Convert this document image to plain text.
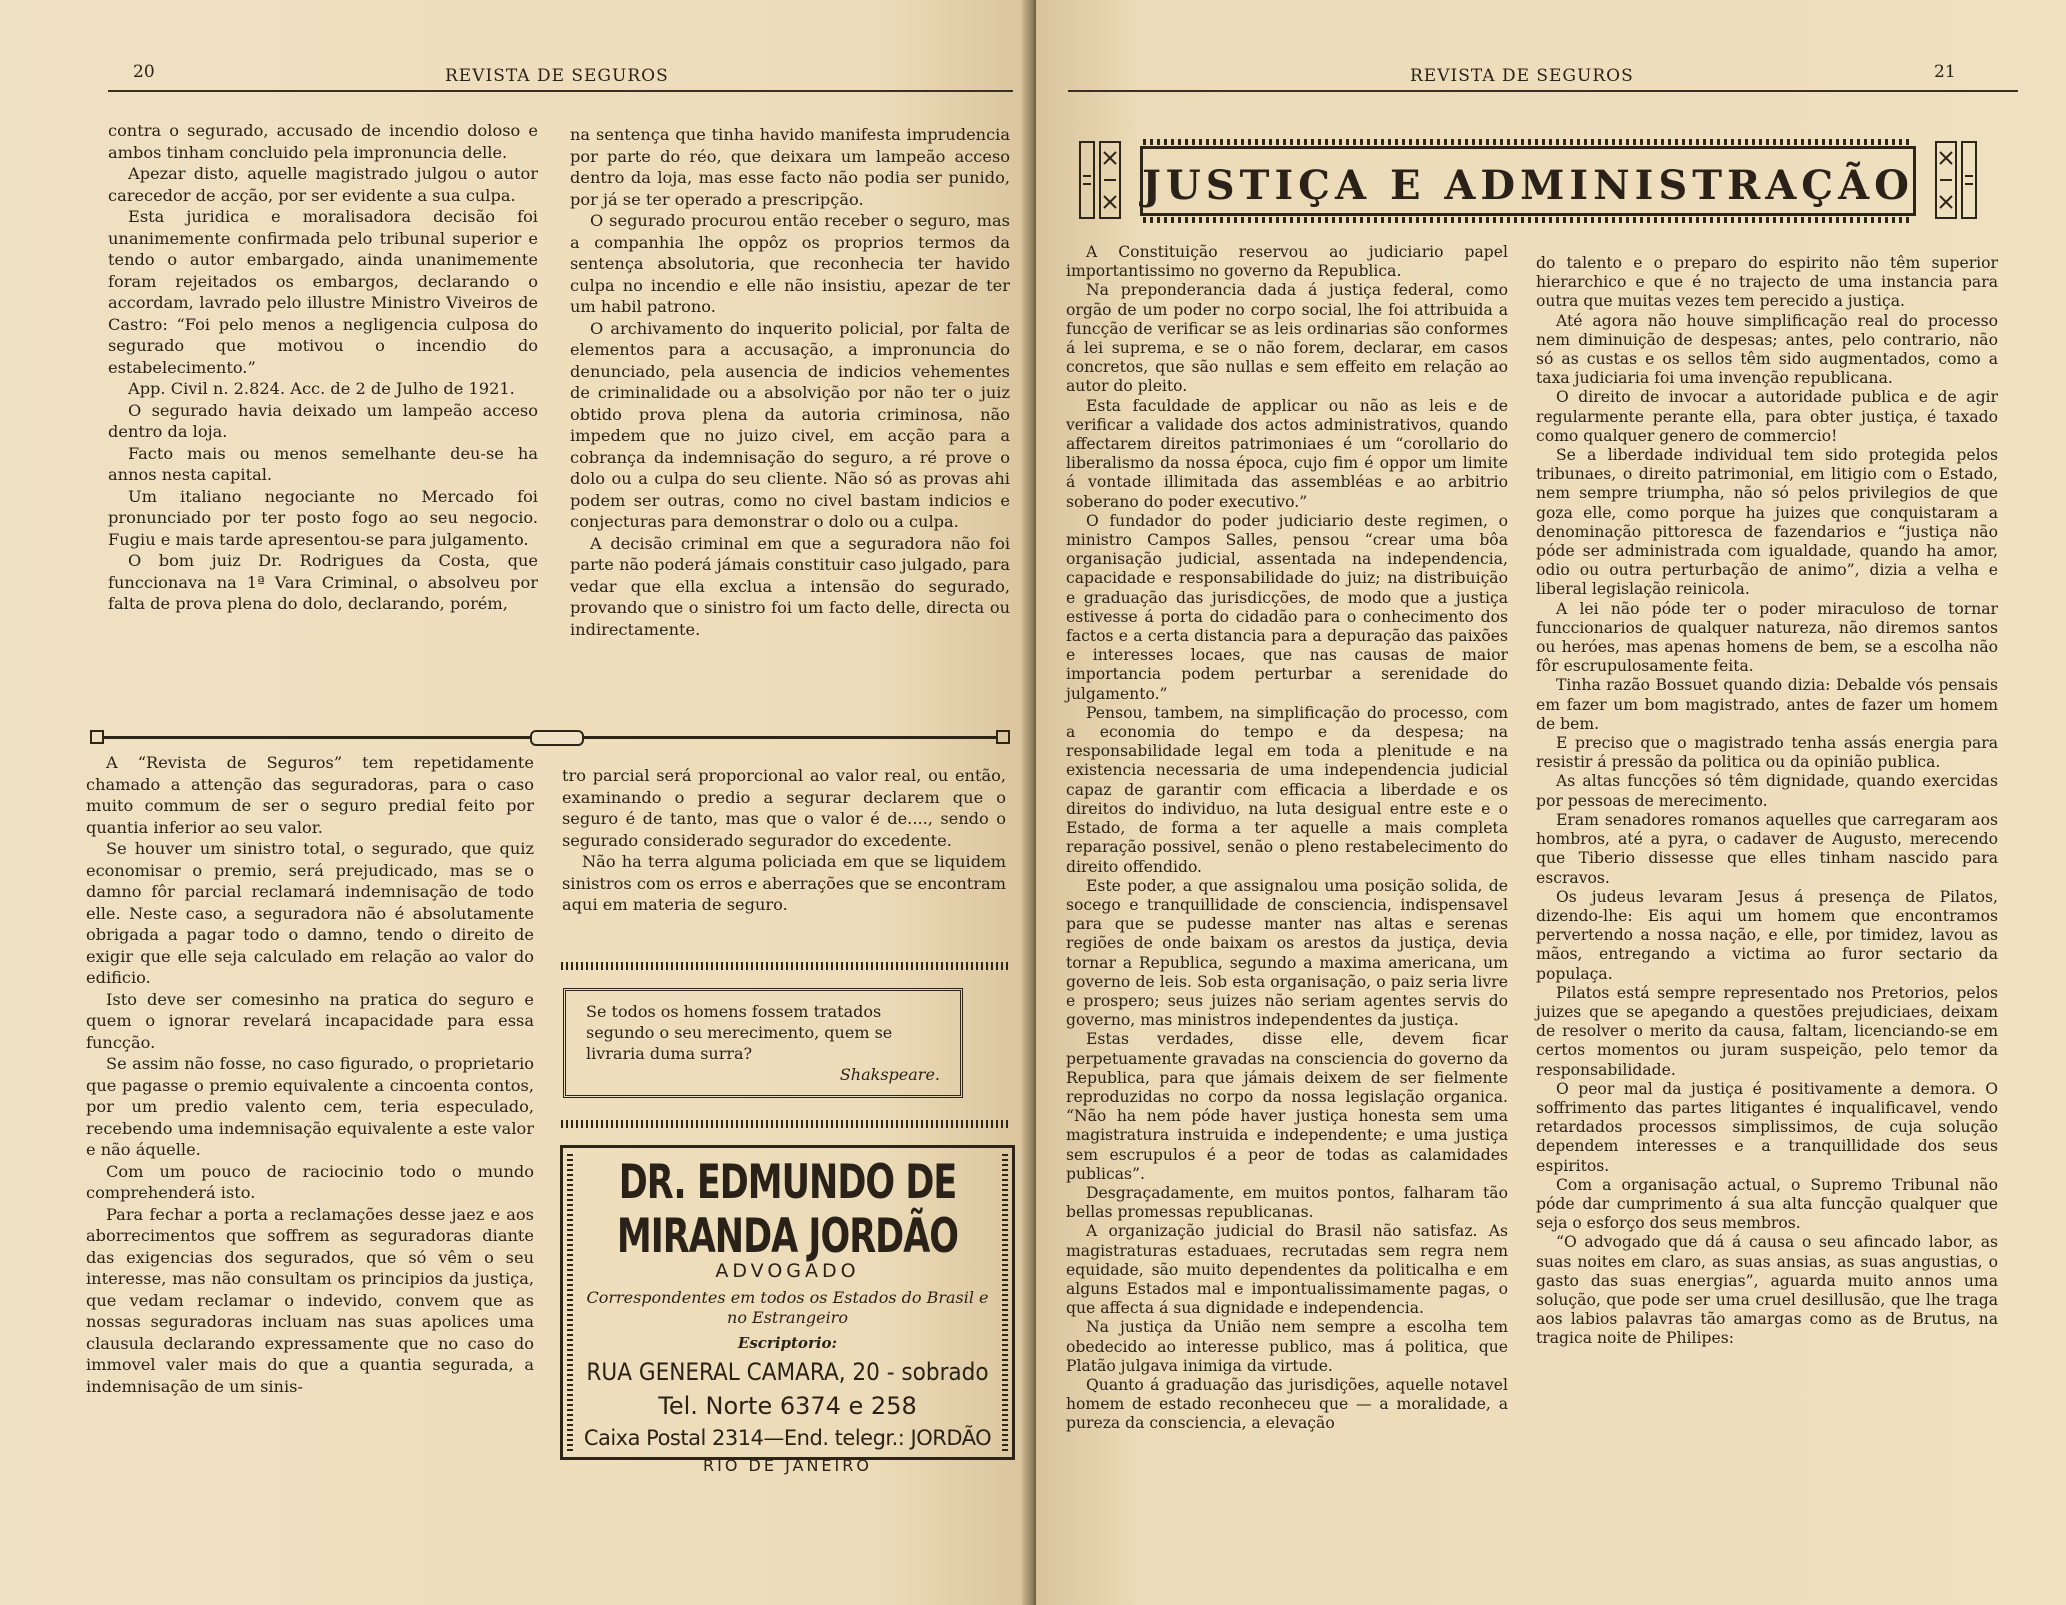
20	REVISTA DE SEGUROS

contra o segurado, accusado de incendio doloso e ambos tinham concluido pela impronuncia delle.

Apezar disto, aquelle magistrado julgou o autor carecedor de acção, por ser evidente a sua culpa.

Esta juridica e moralisadora decisão foi unanimemente confirmada pelo tribunal superior e tendo o autor embargado, ainda unanimemente foram rejeitados os embargos, declarando o accordam, lavrado pelo illustre Ministro Viveiros de Castro: “Foi pelo menos a negligencia culposa do segurado que motivou o incendio do estabelecimento.”

App. Civil n. 2.824. Acc. de 2 de Julho de 1921.

O segurado havia deixado um lampeão acceso dentro da loja.

Facto mais ou menos semelhante deu-se ha annos nesta capital.

Um italiano negociante no Mercado foi pronunciado por ter posto fogo ao seu negocio. Fugiu e mais tarde apresentou-se para julgamento.

O bom juiz Dr. Rodrigues da Costa, que funccionava na 1ª Vara Criminal, o absolveu por falta de prova plena do dolo, declarando, porém,

na sentença que tinha havido manifesta imprudencia por parte do réo, que deixara um lampeão acceso dentro da loja, mas esse facto não podia ser punido, por já se ter operado a prescripção.

O segurado procurou então receber o seguro, mas a companhia lhe oppôz os proprios termos da sentença absolutoria, que reconhecia ter havido culpa no incendio e elle não insistiu, apezar de ter um habil patrono.

O archivamento do inquerito policial, por falta de elementos para a accusação, a impronuncia do denunciado, pela ausencia de indicios vehementes de criminalidade ou a absolvição por não ter o juiz obtido prova plena da autoria criminosa, não impedem que no juizo civel, em acção para a cobrança da indemnisação do seguro, a ré prove o dolo ou a culpa do seu cliente. Não só as provas ahi podem ser outras, como no civel bastam indicios e conjecturas para demonstrar o dolo ou a culpa.

A decisão criminal em que a seguradora não foi parte não poderá jámais constituir caso julgado, para vedar que ella exclua a intensão do segurado, provando que o sinistro foi um facto delle, directa ou indirectamente.

A “Revista de Seguros” tem repetidamente chamado a attenção das seguradoras, para o caso muito commum de ser o seguro predial feito por quantia inferior ao seu valor.

Se houver um sinistro total, o segurado, que quiz economisar o premio, será prejudicado, mas se o damno fôr parcial reclamará indemnisação de todo elle. Neste caso, a seguradora não é absolutamente obrigada a pagar todo o damno, tendo o direito de exigir que elle seja calculado em relação ao valor do edificio.

Isto deve ser comesinho na pratica do seguro e quem o ignorar revelará incapacidade para essa funcção.

Se assim não fosse, no caso figurado, o proprietario que pagasse o premio equivalente a cincoenta contos, por um predio valento cem, teria especulado, recebendo uma indemnisação equivalente a este valor e não áquelle.

Com um pouco de raciocinio todo o mundo comprehenderá isto.

Para fechar a porta a reclamações desse jaez e aos aborrecimentos que soffrem as seguradoras diante das exigencias dos segurados, que só vêm o seu interesse, mas não consultam os principios da justiça, que vedam reclamar o indevido, convem que as nossas seguradoras incluam nas suas apolices uma clausula declarando expressamente que no caso do immovel valer mais do que a quantia segurada, a indemnisação de um sinis-

tro parcial será proporcional ao valor real, ou então, examinando o predio a segurar declarem que o seguro é de tanto, mas que o valor é de...., sendo o segurado considerado segurador do excedente.

Não ha terra alguma policiada em que se liquidem sinistros com os erros e aberrações que se encontram aqui em materia de seguro.

Se todos os homens fossem tratados segundo o seu merecimento, quem se livraria duma surra?
Shakspeare.
DR. EDMUNDO DE MIRANDA JORDÃO
ADVOGADO
Correspondentes em todos os Estados do Brasil e no Estrangeiro
Escriptorio:
RUA GENERAL CAMARA, 20 - sobrado
Tel. Norte 6374 e 258
Caixa Postal 2314—End. telegr.: JORDÃO
RIO DE JANEIRO
REVISTA DE SEGUROS	21
JUSTIÇA E ADMINISTRAÇÃO

A Constituição reservou ao judiciario papel importantissimo no governo da Republica.

Na preponderancia dada á justiça federal, como orgão de um poder no corpo social, lhe foi attribuida a funcção de verificar se as leis ordinarias são conformes á lei suprema, e se o não forem, declarar, em casos concretos, que são nullas e sem effeito em relação ao autor do pleito.

Esta faculdade de applicar ou não as leis e de verificar a validade dos actos administrativos, quando affectarem direitos patrimoniaes é um “corollario do liberalismo da nossa época, cujo fim é oppor um limite á vontade illimitada das assembléas e ao arbitrio soberano do poder executivo.”

O fundador do poder judiciario deste regimen, o ministro Campos Salles, pensou “crear uma bôa organisação judicial, assentada na independencia, capacidade e responsabilidade do juiz; na distribuição e graduação das jurisdicções, de modo que a justiça estivesse á porta do cidadão para o conhecimento dos factos e a certa distancia para a depuração das paixões e interesses locaes, que nas causas de maior importancia podem perturbar a serenidade do julgamento.”

Pensou, tambem, na simplificação do processo, com a economia do tempo e da despesa; na responsabilidade legal em toda a plenitude e na existencia necessaria de uma independencia judicial capaz de garantir com efficacia a liberdade e os direitos do individuo, na luta desigual entre este e o Estado, de forma a ter aquelle a mais completa reparação possivel, senão o pleno restabelecimento do direito offendido.

Este poder, a que assignalou uma posição solida, de socego e tranquillidade de consciencia, indispensavel para que se pudesse manter nas altas e serenas regiões de onde baixam os arestos da justiça, devia tornar a Republica, segundo a maxima americana, um governo de leis. Sob esta organisação, o paiz seria livre e prospero; seus juizes não seriam agentes servis do governo, mas ministros independentes da justiça.

Estas verdades, disse elle, devem ficar perpetuamente gravadas na consciencia do governo da Republica, para que jámais deixem de ser fielmente reproduzidas no corpo da nossa legislação organica. “Não ha nem póde haver justiça honesta sem uma magistratura instruida e independente; e uma justiça sem escrupulos é a peor de todas as calamidades publicas”.

Desgraçadamente, em muitos pontos, falharam tão bellas promessas republicanas.

A organização judicial do Brasil não satisfaz. As magistraturas estaduaes, recrutadas sem regra nem equidade, são muito dependentes da politicalha e em alguns Estados mal e impontualissimamente pagas, o que affecta á sua dignidade e independencia.

Na justiça da União nem sempre a escolha tem obedecido ao interesse publico, mas á politica, que Platão julgava inimiga da virtude.

Quanto á graduação das jurisdições, aquelle notavel homem de estado reconheceu que — a moralidade, a pureza da consciencia, a elevação

do talento e o preparo do espirito não têm superior hierarchico e que é no trajecto de uma instancia para outra que muitas vezes tem perecido a justiça.

Até agora não houve simplificação real do processo nem diminuição de despesas; antes, pelo contrario, não só as custas e os sellos têm sido augmentados, como a taxa judiciaria foi uma invenção republicana.

O direito de invocar a autoridade publica e de agir regularmente perante ella, para obter justiça, é taxado como qualquer genero de commercio!

Se a liberdade individual tem sido protegida pelos tribunaes, o direito patrimonial, em litigio com o Estado, nem sempre triumpha, não só pelos privilegios de que goza elle, como porque ha juizes que conquistaram a denominação pittoresca de fazendarios e “justiça não póde ser administrada com igualdade, quando ha amor, odio ou outra perturbação de animo”, dizia a velha e liberal legislação reinicola.

A lei não póde ter o poder miraculoso de tornar funccionarios de qualquer natureza, não diremos santos ou heróes, mas apenas homens de bem, se a escolha não fôr escrupulosamente feita.

Tinha razão Bossuet quando dizia: Debalde vós pensais em fazer um bom magistrado, antes de fazer um homem de bem.

E preciso que o magistrado tenha assás energia para resistir á pressão da politica ou da opinião publica.

As altas funcções só têm dignidade, quando exercidas por pessoas de merecimento.

Eram senadores romanos aquelles que carregaram aos hombros, até a pyra, o cadaver de Augusto, merecendo que Tiberio dissesse que elles tinham nascido para escravos.

Os judeus levaram Jesus á presença de Pilatos, dizendo-lhe: Eis aqui um homem que encontramos pervertendo a nossa nação, e elle, por timidez, lavou as mãos, entregando a victima ao furor sectario da populaça.

Pilatos está sempre representado nos Pretorios, pelos juizes que se apegando a questões prejudiciaes, deixam de resolver o merito da causa, faltam, licenciando-se em certos momentos ou juram suspeição, pelo temor da responsabilidade.

O peor mal da justiça é positivamente a demora. O soffrimento das partes litigantes é inqualificavel, vendo retardados processos simplissimos, de cuja solução dependem interesses e a tranquillidade dos seus espiritos.

Com a organisação actual, o Supremo Tribunal não póde dar cumprimento á sua alta funcção qualquer que seja o esforço dos seus membros.

“O advogado que dá á causa o seu afincado labor, as suas noites em claro, as suas ansias, as suas angustias, o gasto das suas energias”, aguarda muito annos uma solução, que pode ser uma cruel desillusão, que lhe traga aos labios palavras tão amargas como as de Brutus, na tragica noite de Philipes:
